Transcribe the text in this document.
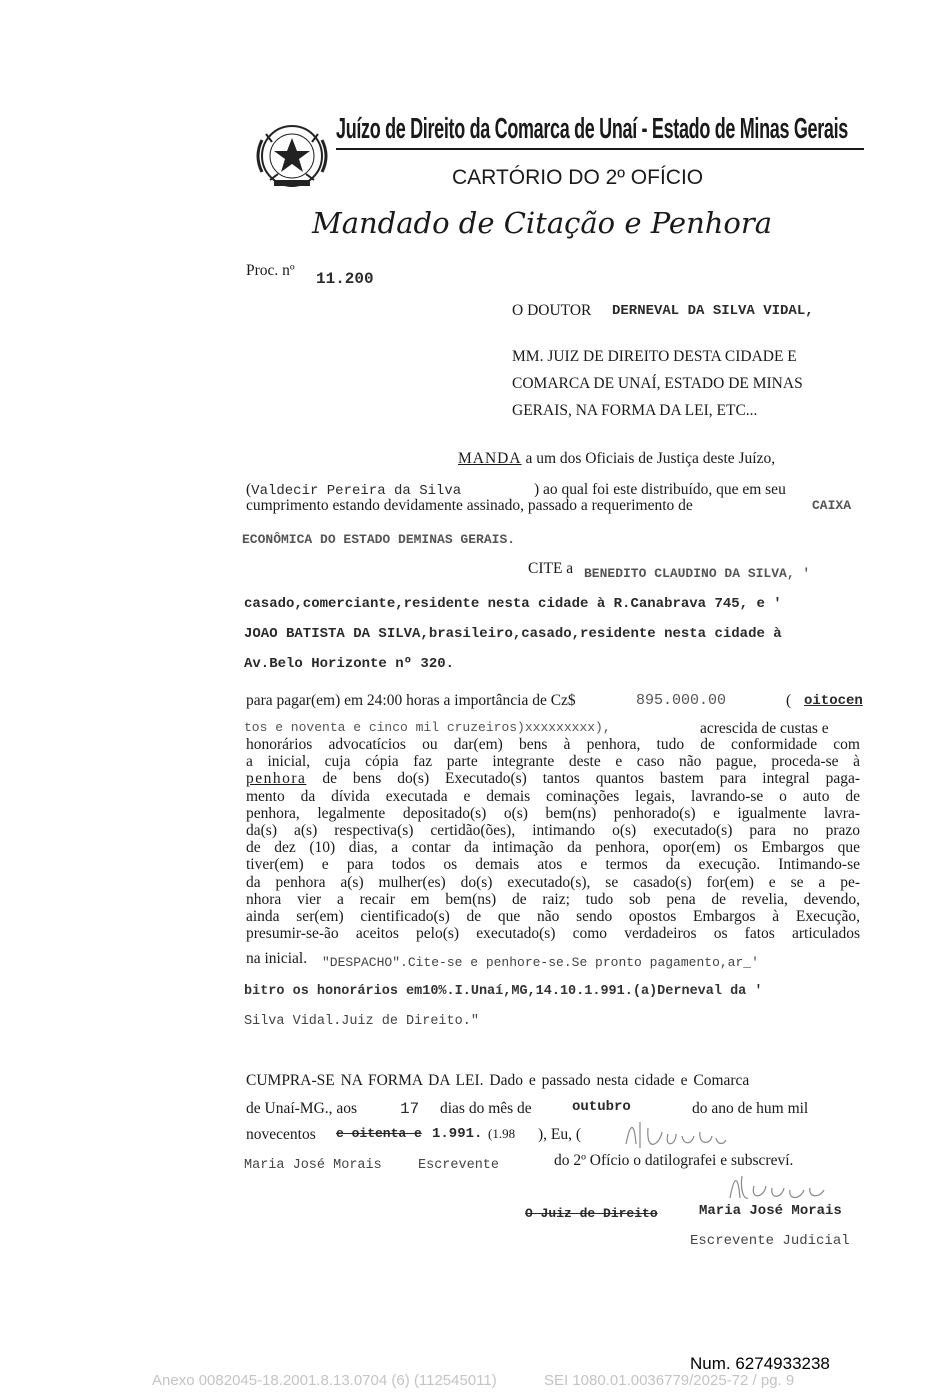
Juízo de Direito da Comarca de Unaí - Estado de Minas Gerais
CARTÓRIO DO 2º OFÍCIO
Mandado de Citação e Penhora
Proc. nº 11.200
O DOUTOR DERNEVAL DA SILVA VIDAL,
MM. JUIZ DE DIREITO DESTA CIDADE E
COMARCA DE UNAÍ, ESTADO DE MINAS
GERAIS, NA FORMA DA LEI, ETC...
MANDA a um dos Oficiais de Justiça deste Juízo,
(Valdecir Pereira da Silva	) ao qual foi este distribuído, que em seu
cumprimento estando devidamente assinado, passado a requerimento de	CAIXA
ECONÔMICA DO ESTADO DEMINAS GERAIS.
CITE a BENEDITO CLAUDINO DA SILVA, '
casado,comerciante,residente nesta cidade à R.Canabrava 745, e '
JOAO BATISTA DA SILVA,brasileiro,casado,residente nesta cidade à
Av.Belo Horizonte nº 320.
para pagar(em) em 24:00 horas a importância de Cz$	895.000.00	( oitocen
tos e noventa e cinco mil cruzeiros)xxxxxxxxx),	acrescida de custas e

honorários advocatícios ou dar(em) bens à penhora, tudo de conformidade com

a inicial, cuja cópia faz parte integrante deste e caso não pague, proceda-se à

penhora de bens do(s) Executado(s) tantos quantos bastem para integral paga-

mento da dívida executada e demais cominações legais, lavrando-se o auto de

penhora, legalmente depositado(s) o(s) bem(ns) penhorado(s) e igualmente lavra-

da(s) a(s) respectiva(s) certidão(ões), intimando o(s) executado(s) para no prazo

de dez (10) dias, a contar da intimação da penhora, opor(em) os Embargos que

tiver(em) e para todos os demais atos e termos da execução. Intimando-se

da penhora a(s) mulher(es) do(s) executado(s), se casado(s) for(em) e se a pe-

nhora vier a recair em bem(ns) de raiz; tudo sob pena de revelia, devendo,

ainda ser(em) cientificado(s) de que não sendo opostos Embargos à Execução,

presumir-se-ão aceitos pelo(s) executado(s) como verdadeiros os fatos articulados

na inicial. "DESPACHO".Cite-se e penhore-se.Se pronto pagamento,ar_'
bitro os honorários em10%.I.Unaí,MG,14.10.1.991.(a)Derneval da '
Silva Vidal.Juiz de Direito."
CUMPRA-SE NA FORMA DA LEI. Dado e passado nesta cidade e Comarca
de Unaí-MG., aos	17 dias do mês de	outubro	do ano de hum mil
novecentos e oitenta e 1.991. (1.98 ), Eu, (
Maria José Morais	Escrevente	do 2º Ofício o datilografei e subscreví.
O Juiz de Direito	Maria José Morais
Escrevente Judicial
Num. 6274933238
Anexo 0082045-18.2001.8.13.0704 (6) (112545011)	SEI 1080.01.0036779/2025-72 / pg. 9
